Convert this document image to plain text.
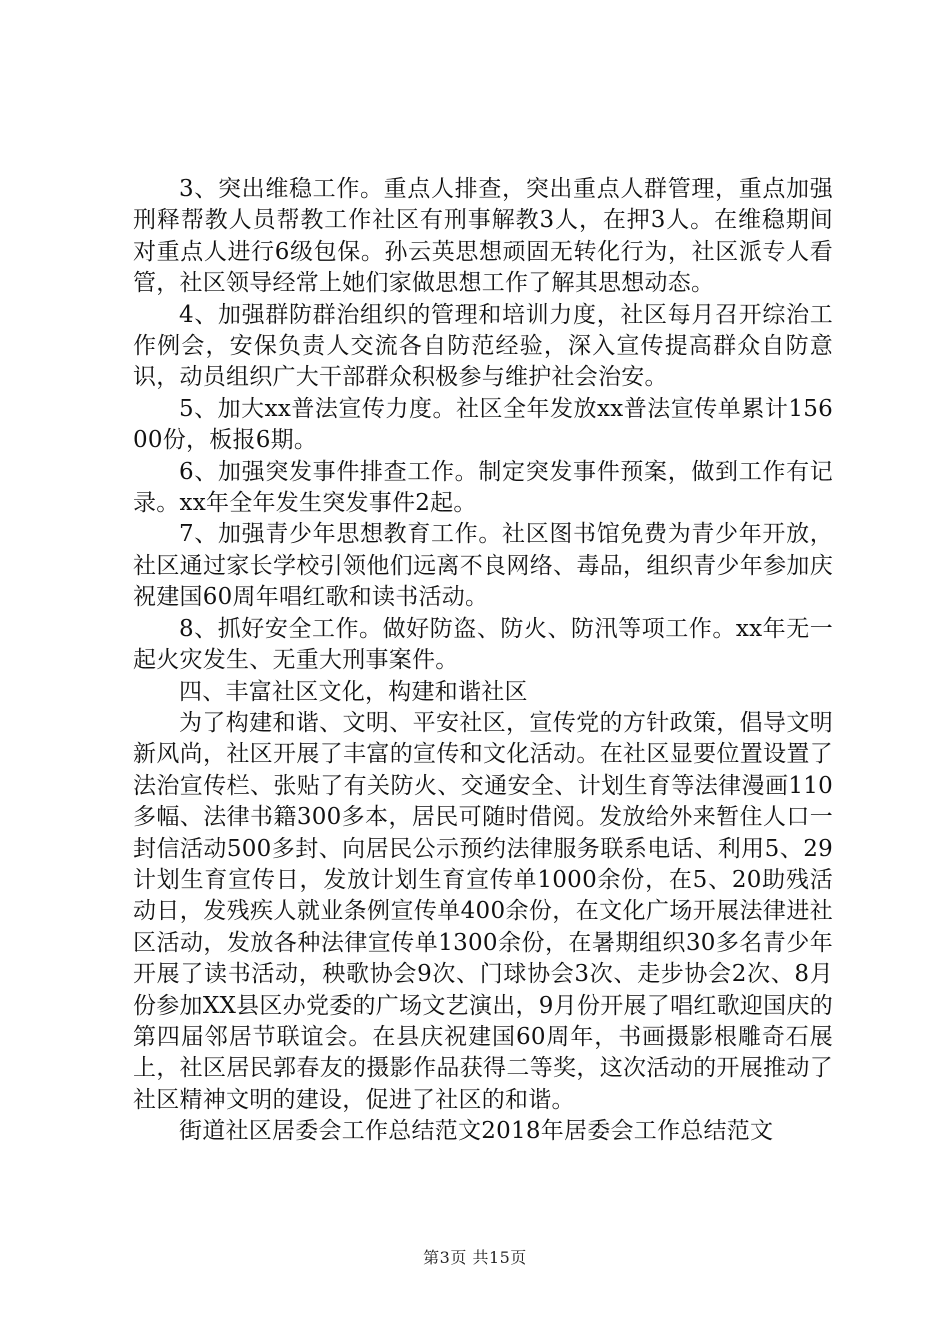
3、突出维稳工作。重点人排查，突出重点人群管理，重点加强刑释帮教人员帮教工作社区有刑事解教3人，在押3人。在维稳期间对重点人进行6级包保。孙云英思想顽固无转化行为，社区派专人看管，社区领导经常上她们家做思想工作了解其思想动态。

4、加强群防群治组织的管理和培训力度，社区每月召开综治工作例会，安保负责人交流各自防范经验，深入宣传提高群众自防意识，动员组织广大干部群众积极参与维护社会治安。

5、加大xx普法宣传力度。社区全年发放xx普法宣传单累计15600份，板报6期。

6、加强突发事件排查工作。制定突发事件预案，做到工作有记录。xx年全年发生突发事件2起。

7、加强青少年思想教育工作。社区图书馆免费为青少年开放，社区通过家长学校引领他们远离不良网络、毒品，组织青少年参加庆祝建国60周年唱红歌和读书活动。

8、抓好安全工作。做好防盗、防火、防汛等项工作。xx年无一起火灾发生、无重大刑事案件。

四、丰富社区文化，构建和谐社区

为了构建和谐、文明、平安社区，宣传党的方针政策，倡导文明新风尚，社区开展了丰富的宣传和文化活动。在社区显要位置设置了法治宣传栏、张贴了有关防火、交通安全、计划生育等法律漫画110多幅、法律书籍300多本，居民可随时借阅。发放给外来暂住人口一封信活动500多封、向居民公示预约法律服务联系电话、利用5、29计划生育宣传日，发放计划生育宣传单1000余份，在5、20助残活动日，发残疾人就业条例宣传单400余份，在文化广场开展法律进社区活动，发放各种法律宣传单1300余份，在暑期组织30多名青少年开展了读书活动，秧歌协会9次、门球协会3次、走步协会2次、8月份参加XX县区办党委的广场文艺演出，9月份开展了唱红歌迎国庆的第四届邻居节联谊会。在县庆祝建国60周年，书画摄影根雕奇石展上，社区居民郭春友的摄影作品获得二等奖，这次活动的开展推动了社区精神文明的建设，促进了社区的和谐。

街道社区居委会工作总结范文2018年居委会工作总结范文

第3页 共15页
